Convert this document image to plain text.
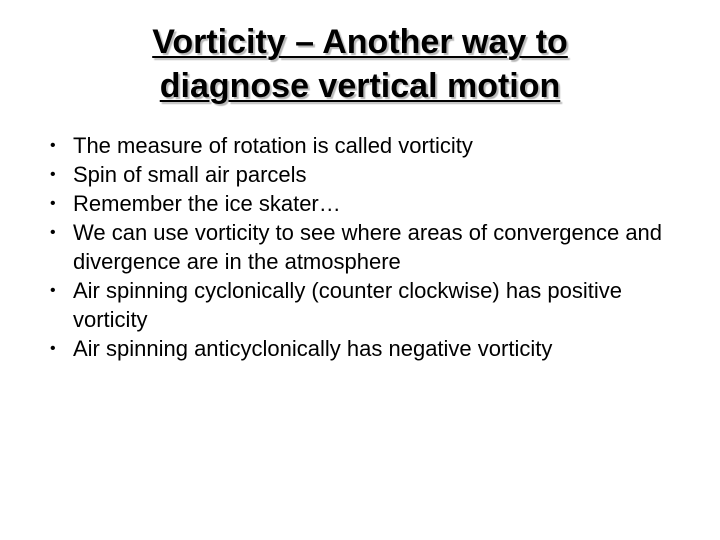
Vorticity – Another way to
diagnose vertical motion
• The measure of rotation is called vorticity
• Spin of small air parcels
• Remember the ice skater…
• We can use vorticity to see where areas of convergence and divergence are in the atmosphere
• Air spinning cyclonically (counter clockwise) has positive vorticity
• Air spinning anticyclonically has negative vorticity
